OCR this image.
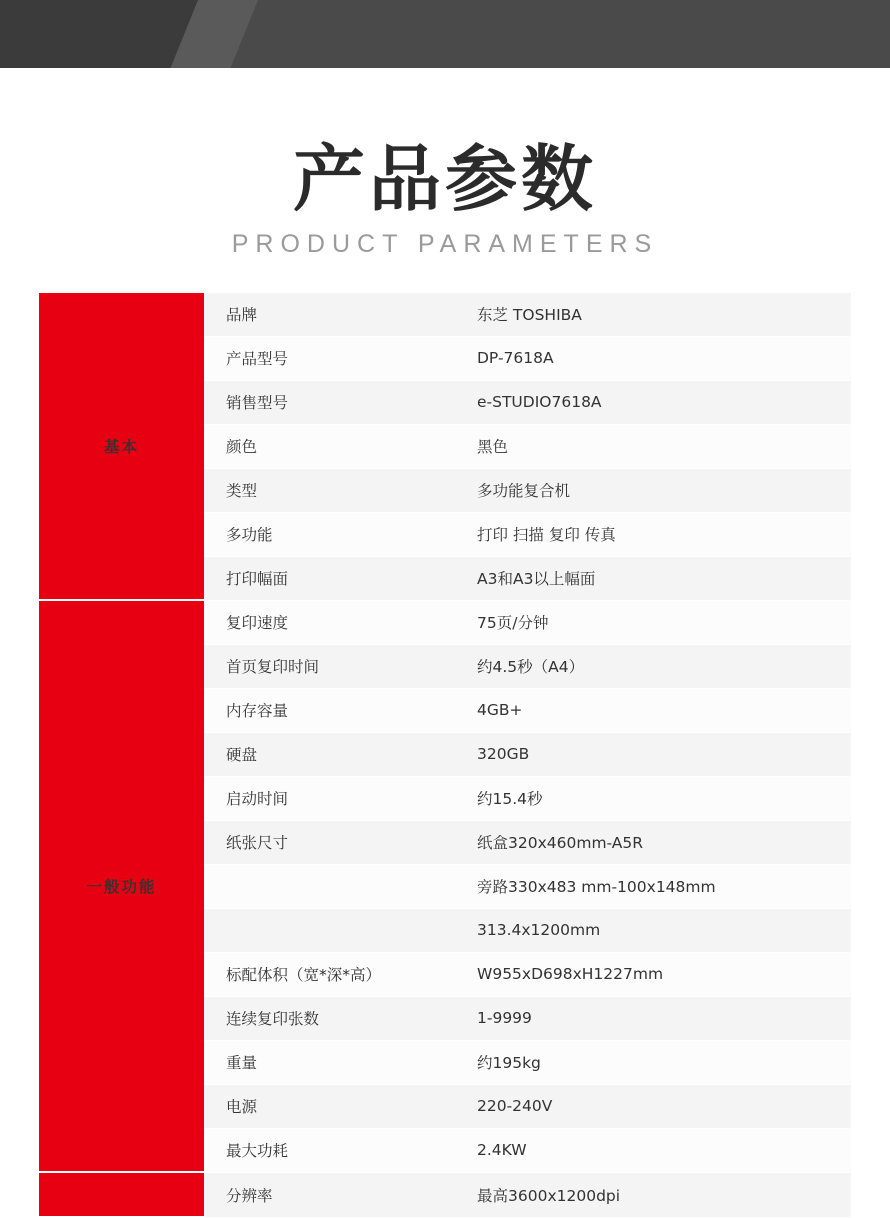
产品参数
PRODUCT PARAMETERS
基本	品牌	东芝 TOSHIBA
	产品型号	DP-7618A
	销售型号	e-STUDIO7618A
	颜色	黑色
	类型	多功能复合机
	多功能	打印 扫描 复印 传真
	打印幅面	A3和A3以上幅面
一般功能	复印速度	75页/分钟
	首页复印时间	约4.5秒（A4）
	内存容量	4GB+
	硬盘	320GB
	启动时间	约15.4秒
	纸张尺寸	纸盒320x460mm-A5R
		旁路330x483 mm-100x148mm
		313.4x1200mm
	标配体积（宽*深*高）	W955xD698xH1227mm
	连续复印张数	1-9999
	重量	约195kg
	电源	220-240V
	最大功耗	2.4KW
	分辨率	最高3600x1200dpi
